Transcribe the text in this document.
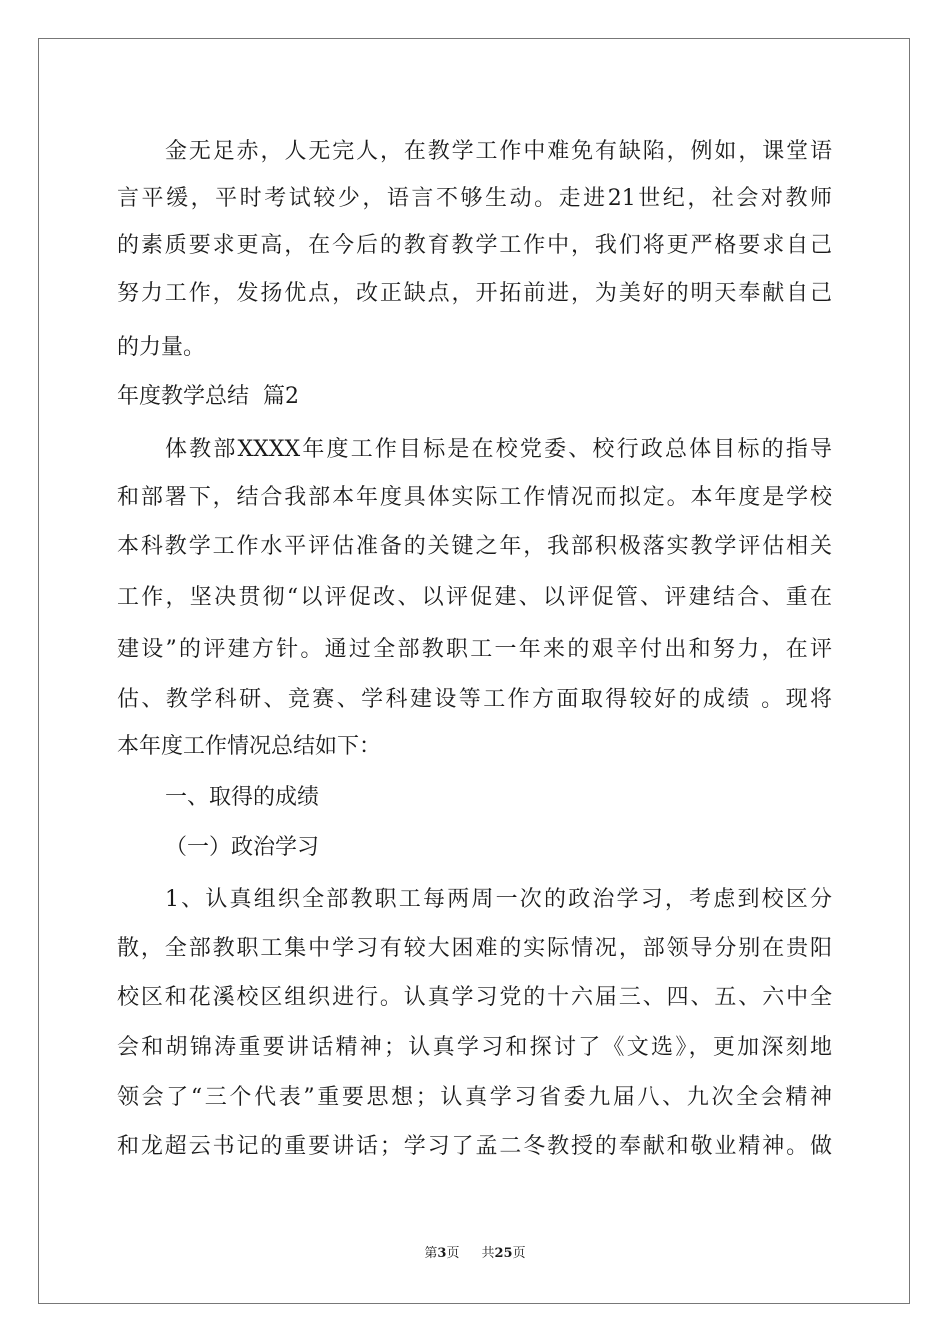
金无足赤，人无完人，在教学工作中难免有缺陷，例如，课堂语
言平缓，平时考试较少，语言不够生动。走进21世纪，社会对教师
的素质要求更高，在今后的教育教学工作中，我们将更严格要求自己
努力工作，发扬优点，改正缺点，开拓前进，为美好的明天奉献自己
的力量。
年度教学总结  篇2
体教部XXXX年度工作目标是在校党委、校行政总体目标的指导
和部署下，结合我部本年度具体实际工作情况而拟定。本年度是学校
本科教学工作水平评估准备的关键之年，我部积极落实教学评估相关
工作，坚决贯彻“以评促改、以评促建、以评促管、评建结合、重在
建设”的评建方针。通过全部教职工一年来的艰辛付出和努力，在评
估、教学科研、竞赛、学科建设等工作方面取得较好的成绩 。现将
本年度工作情况总结如下：
一、取得的成绩
（一）政治学习
1、认真组织全部教职工每两周一次的政治学习，考虑到校区分
散，全部教职工集中学习有较大困难的实际情况，部领导分别在贵阳
校区和花溪校区组织进行。认真学习党的十六届三、四、五、六中全
会和胡锦涛重要讲话精神；认真学习和探讨了《文选》，更加深刻地
领会了“三个代表”重要思想；认真学习省委九届八、九次全会精神
和龙超云书记的重要讲话；学习了孟二冬教授的奉献和敬业精神。做
第3页 共25页
